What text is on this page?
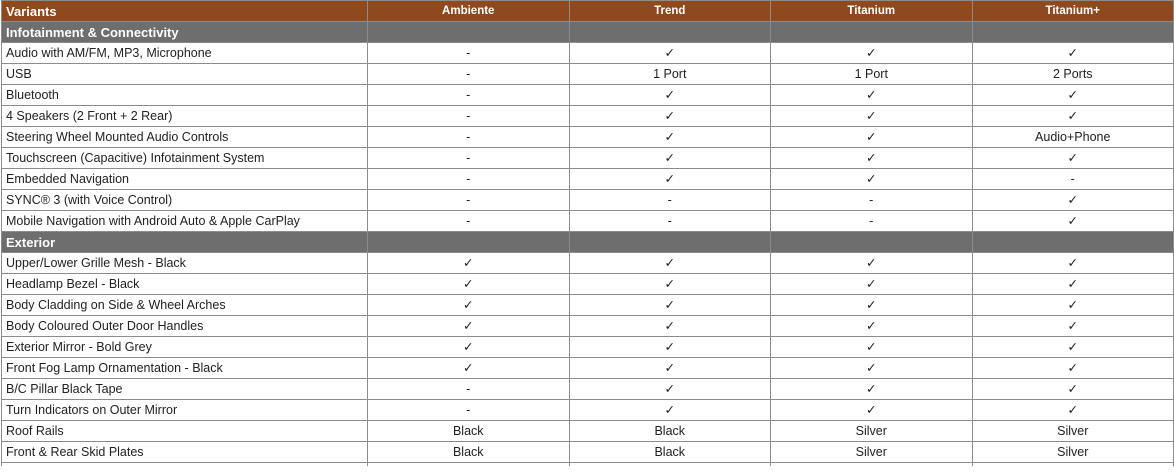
Variants	Ambiente	Trend	Titanium	Titanium+
Infotainment & Connectivity				
Audio with AM/FM, MP3, Microphone	-	✓	✓	✓
USB	-	1 Port	1 Port	2 Ports
Bluetooth	-	✓	✓	✓
4 Speakers (2 Front + 2 Rear)	-	✓	✓	✓
Steering Wheel Mounted Audio Controls	-	✓	✓	Audio+Phone
Touchscreen (Capacitive) Infotainment System	-	✓	✓	✓
Embedded Navigation	-	✓	✓	-
SYNC® 3 (with Voice Control)	-	-	-	✓
Mobile Navigation with Android Auto & Apple CarPlay	-	-	-	✓
Exterior				
Upper/Lower Grille Mesh - Black	✓	✓	✓	✓
Headlamp Bezel - Black	✓	✓	✓	✓
Body Cladding on Side & Wheel Arches	✓	✓	✓	✓
Body Coloured Outer Door Handles	✓	✓	✓	✓
Exterior Mirror - Bold Grey	✓	✓	✓	✓
Front Fog Lamp Ornamentation - Black	✓	✓	✓	✓
B/C Pillar Black Tape	-	✓	✓	✓
Turn Indicators on Outer Mirror	-	✓	✓	✓
Roof Rails	Black	Black	Silver	Silver
Front & Rear Skid Plates	Black	Black	Silver	Silver
